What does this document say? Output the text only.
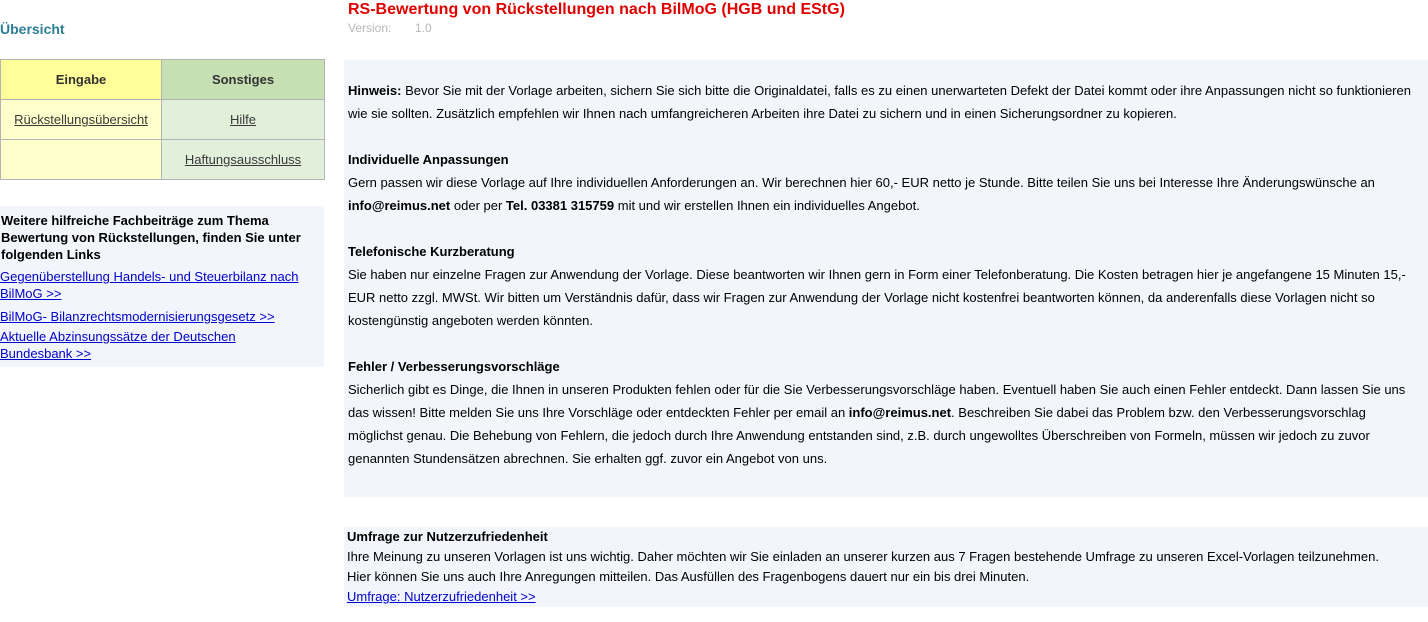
Übersicht
Eingabe	Sonstiges
Rückstellungsübersicht	Hilfe
	Haftungsausschluss
Weitere hilfreiche Fachbeiträge zum Thema Bewertung von Rückstellungen, finden Sie unter folgenden Links
Gegenüberstellung Handels- und Steuerbilanz nach BilMoG >>
BilMoG- Bilanzrechtsmodernisierungsgesetz >>
Aktuelle Abzinsungssätze der Deutschen Bundesbank >>
RS-Bewertung von Rückstellungen nach BilMoG (HGB und EStG)
Version: 1.0
Hinweis: Bevor Sie mit der Vorlage arbeiten, sichern Sie sich bitte die Originaldatei, falls es zu einen unerwarteten Defekt der Datei kommt oder ihre Anpassungen nicht so funktionieren wie sie sollten. Zusätzlich empfehlen wir Ihnen nach umfangreicheren Arbeiten ihre Datei zu sichern und in einen Sicherungsordner zu kopieren.
Individuelle Anpassungen
Gern passen wir diese Vorlage auf Ihre individuellen Anforderungen an. Wir berechnen hier 60,- EUR netto je Stunde. Bitte teilen Sie uns bei Interesse Ihre Änderungswünsche an info@reimus.net oder per Tel. 03381 315759 mit und wir erstellen Ihnen ein individuelles Angebot.
Telefonische Kurzberatung
Sie haben nur einzelne Fragen zur Anwendung der Vorlage. Diese beantworten wir Ihnen gern in Form einer Telefonberatung. Die Kosten betragen hier je angefangene 15 Minuten 15,- EUR netto zzgl. MWSt. Wir bitten um Verständnis dafür, dass wir Fragen zur Anwendung der Vorlage nicht kostenfrei beantworten können, da anderenfalls diese Vorlagen nicht so kostengünstig angeboten werden könnten.
Fehler / Verbesserungsvorschläge
Sicherlich gibt es Dinge, die Ihnen in unseren Produkten fehlen oder für die Sie Verbesserungsvorschläge haben. Eventuell haben Sie auch einen Fehler entdeckt. Dann lassen Sie uns das wissen! Bitte melden Sie uns Ihre Vorschläge oder entdeckten Fehler per email an info@reimus.net. Beschreiben Sie dabei das Problem bzw. den Verbesserungsvorschlag möglichst genau. Die Behebung von Fehlern, die jedoch durch Ihre Anwendung entstanden sind, z.B. durch ungewolltes Überschreiben von Formeln, müssen wir jedoch zu zuvor genannten Stundensätzen abrechnen. Sie erhalten ggf. zuvor ein Angebot von uns.
Umfrage zur Nutzerzufriedenheit
Ihre Meinung zu unseren Vorlagen ist uns wichtig. Daher möchten wir Sie einladen an unserer kurzen aus 7 Fragen bestehende Umfrage zu unseren Excel-Vorlagen teilzunehmen.
Hier können Sie uns auch Ihre Anregungen mitteilen. Das Ausfüllen des Fragenbogens dauert nur ein bis drei Minuten.
Umfrage: Nutzerzufriedenheit >>
